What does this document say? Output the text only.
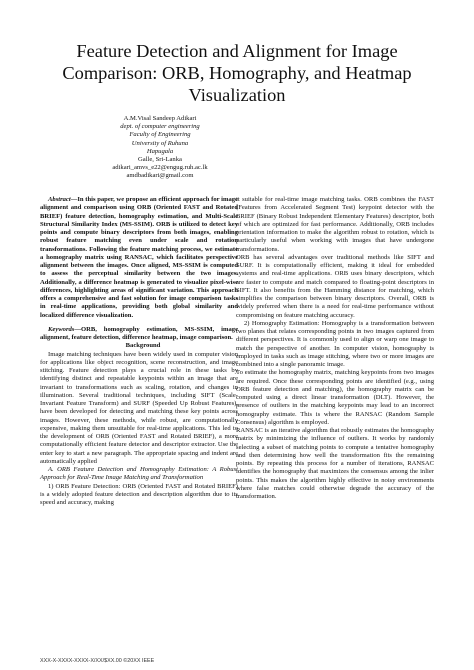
Feature Detection and Alignment for Image Comparison: ORB, Homography, and Heatmap Visualization
A.M.Visal Sandeep Adikari
dept. of computer engineering
Faculty of Engineering
University of Ruhuna
Hapugala
Galle, Sri-Lanka
adikari_amvs_e22@engug.ruh.ac.lk
amdbadikari@gmail.com

Abstract—In this paper, we propose an efficient approach for image alignment and comparison using ORB (Oriented FAST and Rotated BRIEF) feature detection, homography estimation, and Multi-Scale Structural Similarity Index (MS-SSIM). ORB is utilized to detect key points and compute binary descriptors from both images, enabling robust feature matching even under scale and rotation transformations. Following the feature matching process, we estimate a homography matrix using RANSAC, which facilitates perspective alignment between the images. Once aligned, MS-SSIM is computed to assess the perceptual similarity between the two images. Additionally, a difference heatmap is generated to visualize pixel-wise differences, highlighting areas of significant variation. This approach offers a comprehensive and fast solution for image comparison tasks in real-time applications, providing both global similarity and localized difference visualization.

Keywords—ORB, homography estimation, MS-SSIM, image alignment, feature detection, difference heatmap, image comparison.

Background

Image matching techniques have been widely used in computer vision for applications like object recognition, scene reconstruction, and image stitching. Feature detection plays a crucial role in these tasks by identifying distinct and repeatable keypoints within an image that are invariant to transformations such as scaling, rotation, and changes in illumination. Several traditional techniques, including SIFT (Scale-Invariant Feature Transform) and SURF (Speeded Up Robust Features), have been developed for detecting and matching these key points across images. However, these methods, while robust, are computationally expensive, making them unsuitable for real-time applications. This led to the development of ORB (Oriented FAST and Rotated BRIEF), a more computationally efficient feature detector and descriptor extractor. Use the enter key to start a new paragraph. The appropriate spacing and indent are automatically applied

A. ORB Feature Detection and Homography Estimation: A Robust Approach for Real-Time Image Matching and Transformation

1) ORB Feature Detection: ORB (Oriented FAST and Rotated BRIEF) is a widely adopted feature detection and description algorithm due to its speed and accuracy, making

it suitable for real-time image matching tasks. ORB combines the FAST (Features from Accelerated Segment Test) keypoint detector with the BRIEF (Binary Robust Independent Elementary Features) descriptor, both of which are optimized for fast performance. Additionally, ORB includes orientation information to make the algorithm robust to rotation, which is particularly useful when working with images that have undergone transformations.

ORB has several advantages over traditional methods like SIFT and SURF. It is computationally efficient, making it ideal for embedded systems and real-time applications. ORB uses binary descriptors, which are faster to compute and match compared to floating-point descriptors in SIFT. It also benefits from the Hamming distance for matching, which simplifies the comparison between binary descriptors. Overall, ORB is widely preferred when there is a need for real-time performance without compromising on feature matching accuracy.

2) Homography Estimation: Homography is a transformation between two planes that relates corresponding points in two images captured from different perspectives. It is commonly used to align or warp one image to match the perspective of another. In computer vision, homography is employed in tasks such as image stitching, where two or more images are combined into a single panoramic image.

To estimate the homography matrix, matching keypoints from two images are required. Once these corresponding points are identified (e.g., using ORB feature detection and matching), the homography matrix can be computed using a direct linear transformation (DLT). However, the presence of outliers in the matching keypoints may lead to an incorrect homography estimate. This is where the RANSAC (Random Sample Consensus) algorithm is employed.

RANSAC is an iterative algorithm that robustly estimates the homography matrix by minimizing the influence of outliers. It works by randomly selecting a subset of matching points to compute a tentative homography and then determining how well the transformation fits the remaining points. By repeating this process for a number of iterations, RANSAC identifies the homography that maximizes the consensus among the inlier points. This makes the algorithm highly effective in noisy environments where false matches could otherwise degrade the accuracy of the transformation.

XXX-X-XXXX-XXXX-X/XX/$XX.00 ©20XX IEEE
